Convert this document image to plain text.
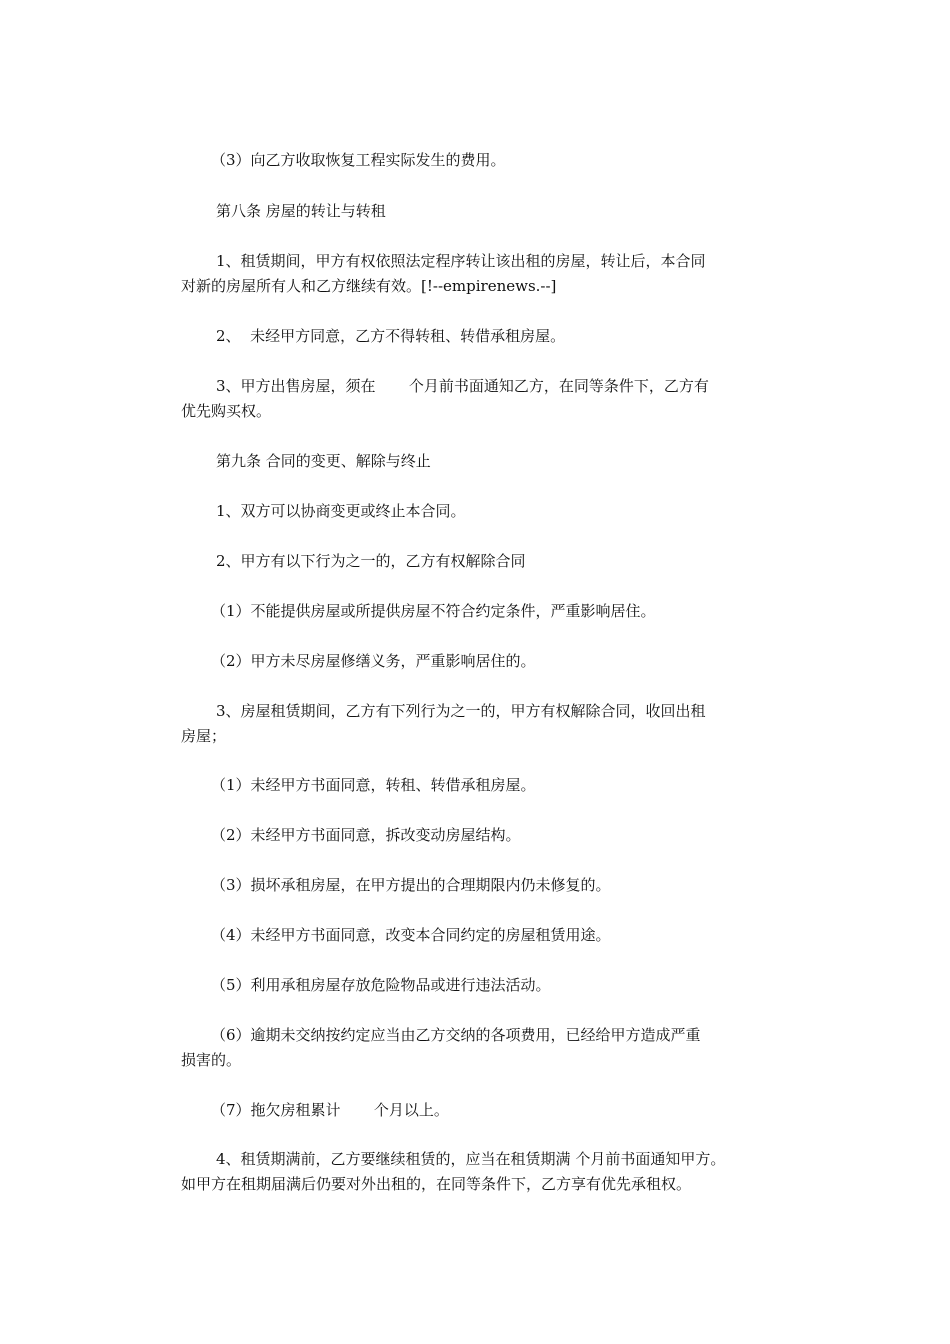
（3）向乙方收取恢复工程实际发生的费用。

第八条 房屋的转让与转租

1、租赁期间，甲方有权依照法定程序转让该出租的房屋，转让后，本合同
对新的房屋所有人和乙方继续有效。[!--empirenews.--]

2、  未经甲方同意，乙方不得转租、转借承租房屋。

3、甲方出售房屋，须在       个月前书面通知乙方，在同等条件下，乙方有
优先购买权。

第九条 合同的变更、解除与终止

1、双方可以协商变更或终止本合同。

2、甲方有以下行为之一的，乙方有权解除合同

（1）不能提供房屋或所提供房屋不符合约定条件，严重影响居住。

（2）甲方未尽房屋修缮义务，严重影响居住的。

3、房屋租赁期间，乙方有下列行为之一的，甲方有权解除合同，收回出租
房屋；

（1）未经甲方书面同意，转租、转借承租房屋。

（2）未经甲方书面同意，拆改变动房屋结构。

（3）损坏承租房屋，在甲方提出的合理期限内仍未修复的。

（4）未经甲方书面同意，改变本合同约定的房屋租赁用途。

（5）利用承租房屋存放危险物品或进行违法活动。

（6）逾期未交纳按约定应当由乙方交纳的各项费用，已经给甲方造成严重
损害的。

（7）拖欠房租累计       个月以上。

4、租赁期满前，乙方要继续租赁的，应当在租赁期满 个月前书面通知甲方。
如甲方在租期届满后仍要对外出租的，在同等条件下，乙方享有优先承租权。
